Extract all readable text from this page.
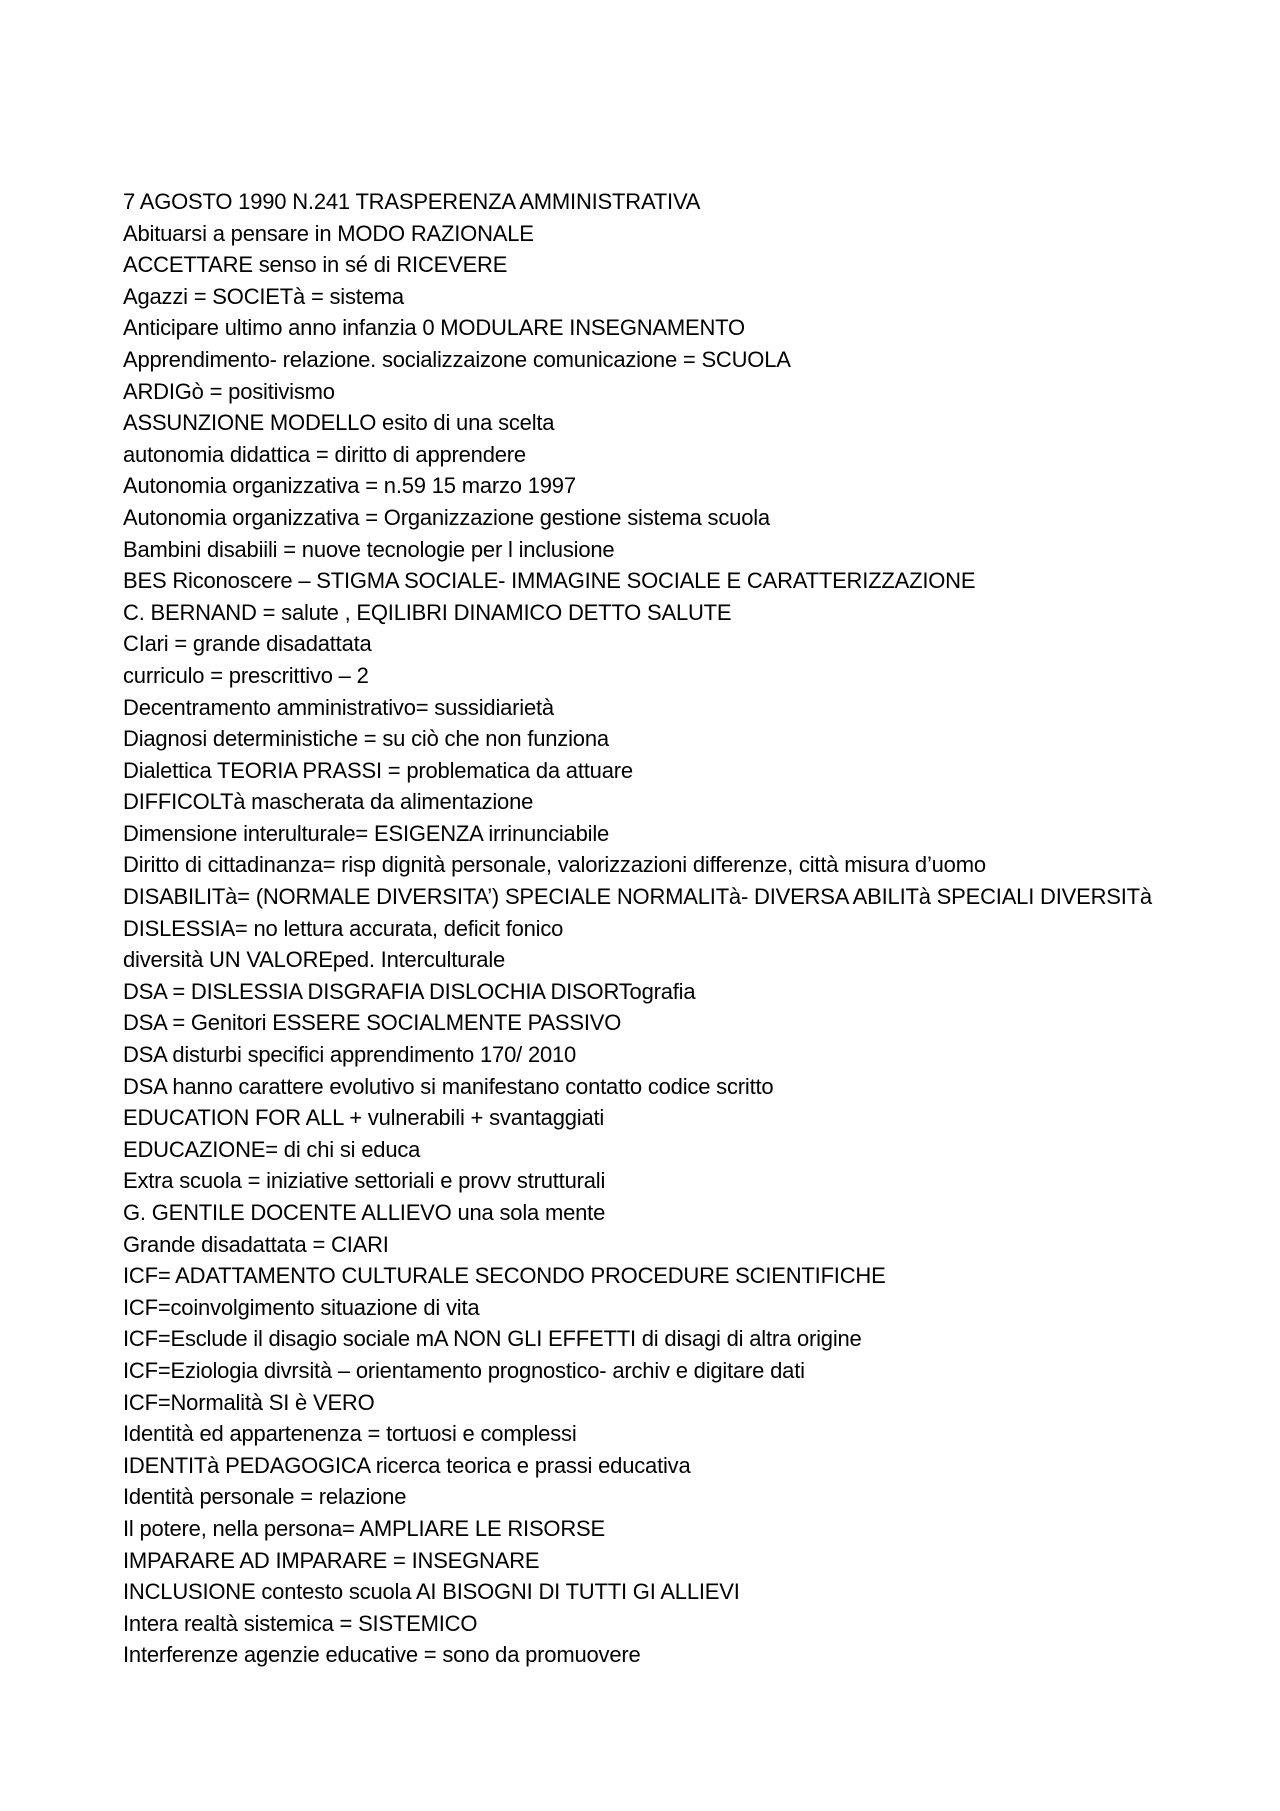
7 AGOSTO 1990 N.241 TRASPERENZA AMMINISTRATIVA
Abituarsi a pensare in MODO RAZIONALE
ACCETTARE senso in sé di RICEVERE
Agazzi = SOCIETà = sistema
Anticipare ultimo anno infanzia 0 MODULARE INSEGNAMENTO
Apprendimento- relazione. socializzaizone comunicazione = SCUOLA
ARDIGò = positivismo
ASSUNZIONE MODELLO esito di una scelta
autonomia didattica = diritto di apprendere
Autonomia organizzativa = n.59 15 marzo 1997
Autonomia organizzativa = Organizzazione gestione sistema scuola
Bambini disabiili = nuove tecnologie per l inclusione
BES Riconoscere – STIGMA SOCIALE- IMMAGINE SOCIALE E CARATTERIZZAZIONE
C. BERNAND = salute , EQILIBRI DINAMICO DETTO SALUTE
CIari = grande disadattata
curriculo = prescrittivo – 2
Decentramento amministrativo= sussidiarietà
Diagnosi deterministiche = su ciò che non funziona
Dialettica TEORIA PRASSI = problematica da attuare
DIFFICOLTà mascherata da alimentazione
Dimensione interulturale= ESIGENZA irrinunciabile
Diritto di cittadinanza= risp dignità personale, valorizzazioni differenze, città misura d’uomo
DISABILITà= (NORMALE DIVERSITA’) SPECIALE NORMALITà- DIVERSA ABILITà SPECIALI DIVERSITà
DISLESSIA= no lettura accurata, deficit fonico
diversità UN VALOREped. Interculturale
DSA = DISLESSIA DISGRAFIA DISLOCHIA DISORTografia
DSA = Genitori ESSERE SOCIALMENTE PASSIVO
DSA disturbi specifici apprendimento 170/ 2010
DSA hanno carattere evolutivo si manifestano contatto codice scritto
EDUCATION FOR ALL + vulnerabili + svantaggiati
EDUCAZIONE= di chi si educa
Extra scuola = iniziative settoriali e provv strutturali
G. GENTILE DOCENTE ALLIEVO una sola mente
Grande disadattata = CIARI
ICF= ADATTAMENTO CULTURALE SECONDO PROCEDURE SCIENTIFICHE
ICF=coinvolgimento situazione di vita
ICF=Esclude il disagio sociale mA NON GLI EFFETTI di disagi di altra origine
ICF=Eziologia divrsità – orientamento prognostico- archiv e digitare dati
ICF=Normalità SI è VERO
Identità ed appartenenza = tortuosi e complessi
IDENTITà PEDAGOGICA ricerca teorica e prassi educativa
Identità personale = relazione
Il potere, nella persona= AMPLIARE LE RISORSE
IMPARARE AD IMPARARE = INSEGNARE
INCLUSIONE contesto scuola AI BISOGNI DI TUTTI GI ALLIEVI
Intera realtà sistemica = SISTEMICO
Interferenze agenzie educative = sono da promuovere
